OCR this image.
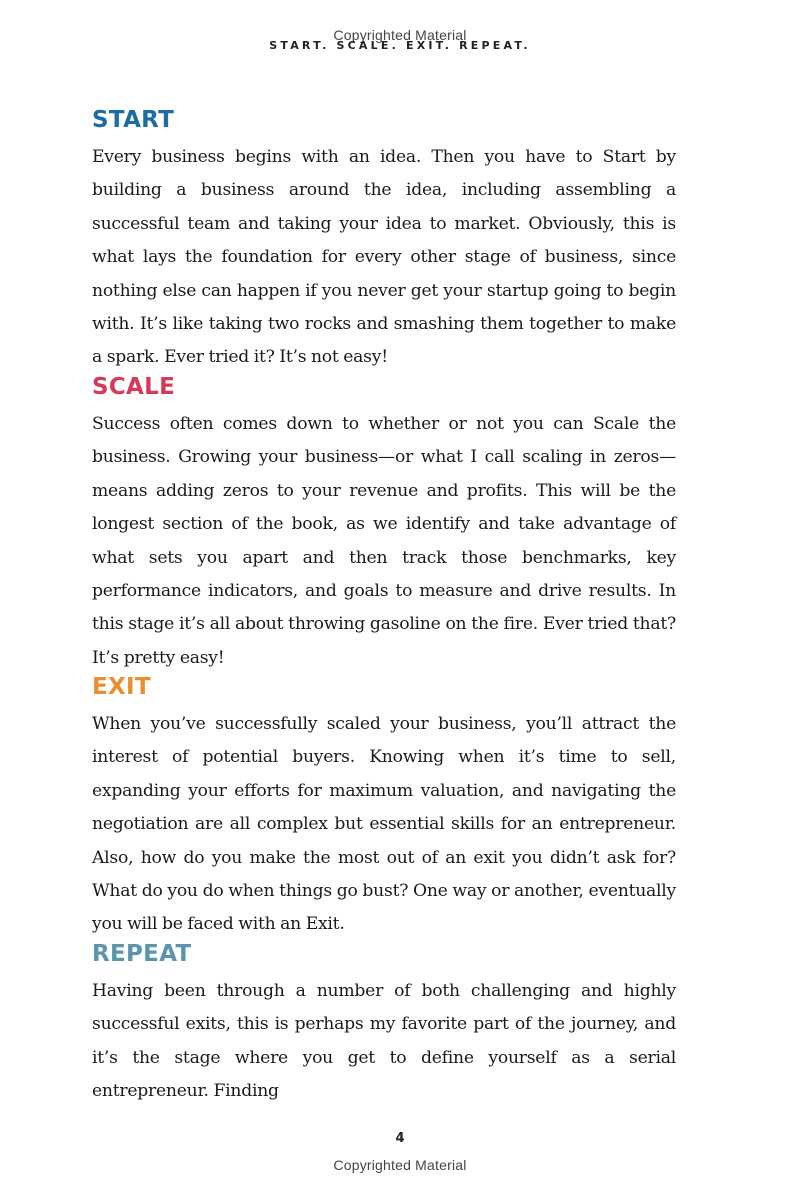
Copyrighted Material
START. SCALE. EXIT. REPEAT.
START

Every business begins with an idea. Then you have to Start by building a business around the idea, including assembling a successful team and taking your idea to market. Obviously, this is what lays the foundation for every other stage of business, since nothing else can happen if you never get your startup going to begin with. It’s like taking two rocks and smashing them together to make a spark. Ever tried it? It’s not easy!

SCALE

Success often comes down to whether or not you can Scale the business. Growing your business—or what I call scaling in zeros—means adding zeros to your revenue and profits. This will be the longest section of the book, as we identify and take advantage of what sets you apart and then track those benchmarks, key performance indicators, and goals to measure and drive results. In this stage it’s all about throwing gasoline on the fire. Ever tried that? It’s pretty easy!

EXIT

When you’ve successfully scaled your business, you’ll attract the interest of potential buyers. Knowing when it’s time to sell, expanding your efforts for maximum valuation, and navigating the negotiation are all complex but essential skills for an entrepreneur. Also, how do you make the most out of an exit you didn’t ask for? What do you do when things go bust? One way or another, eventually you will be faced with an Exit.

REPEAT

Having been through a number of both challenging and highly successful exits, this is perhaps my favorite part of the journey, and it’s the stage where you get to define yourself as a serial entrepreneur. Finding

4
Copyrighted Material
